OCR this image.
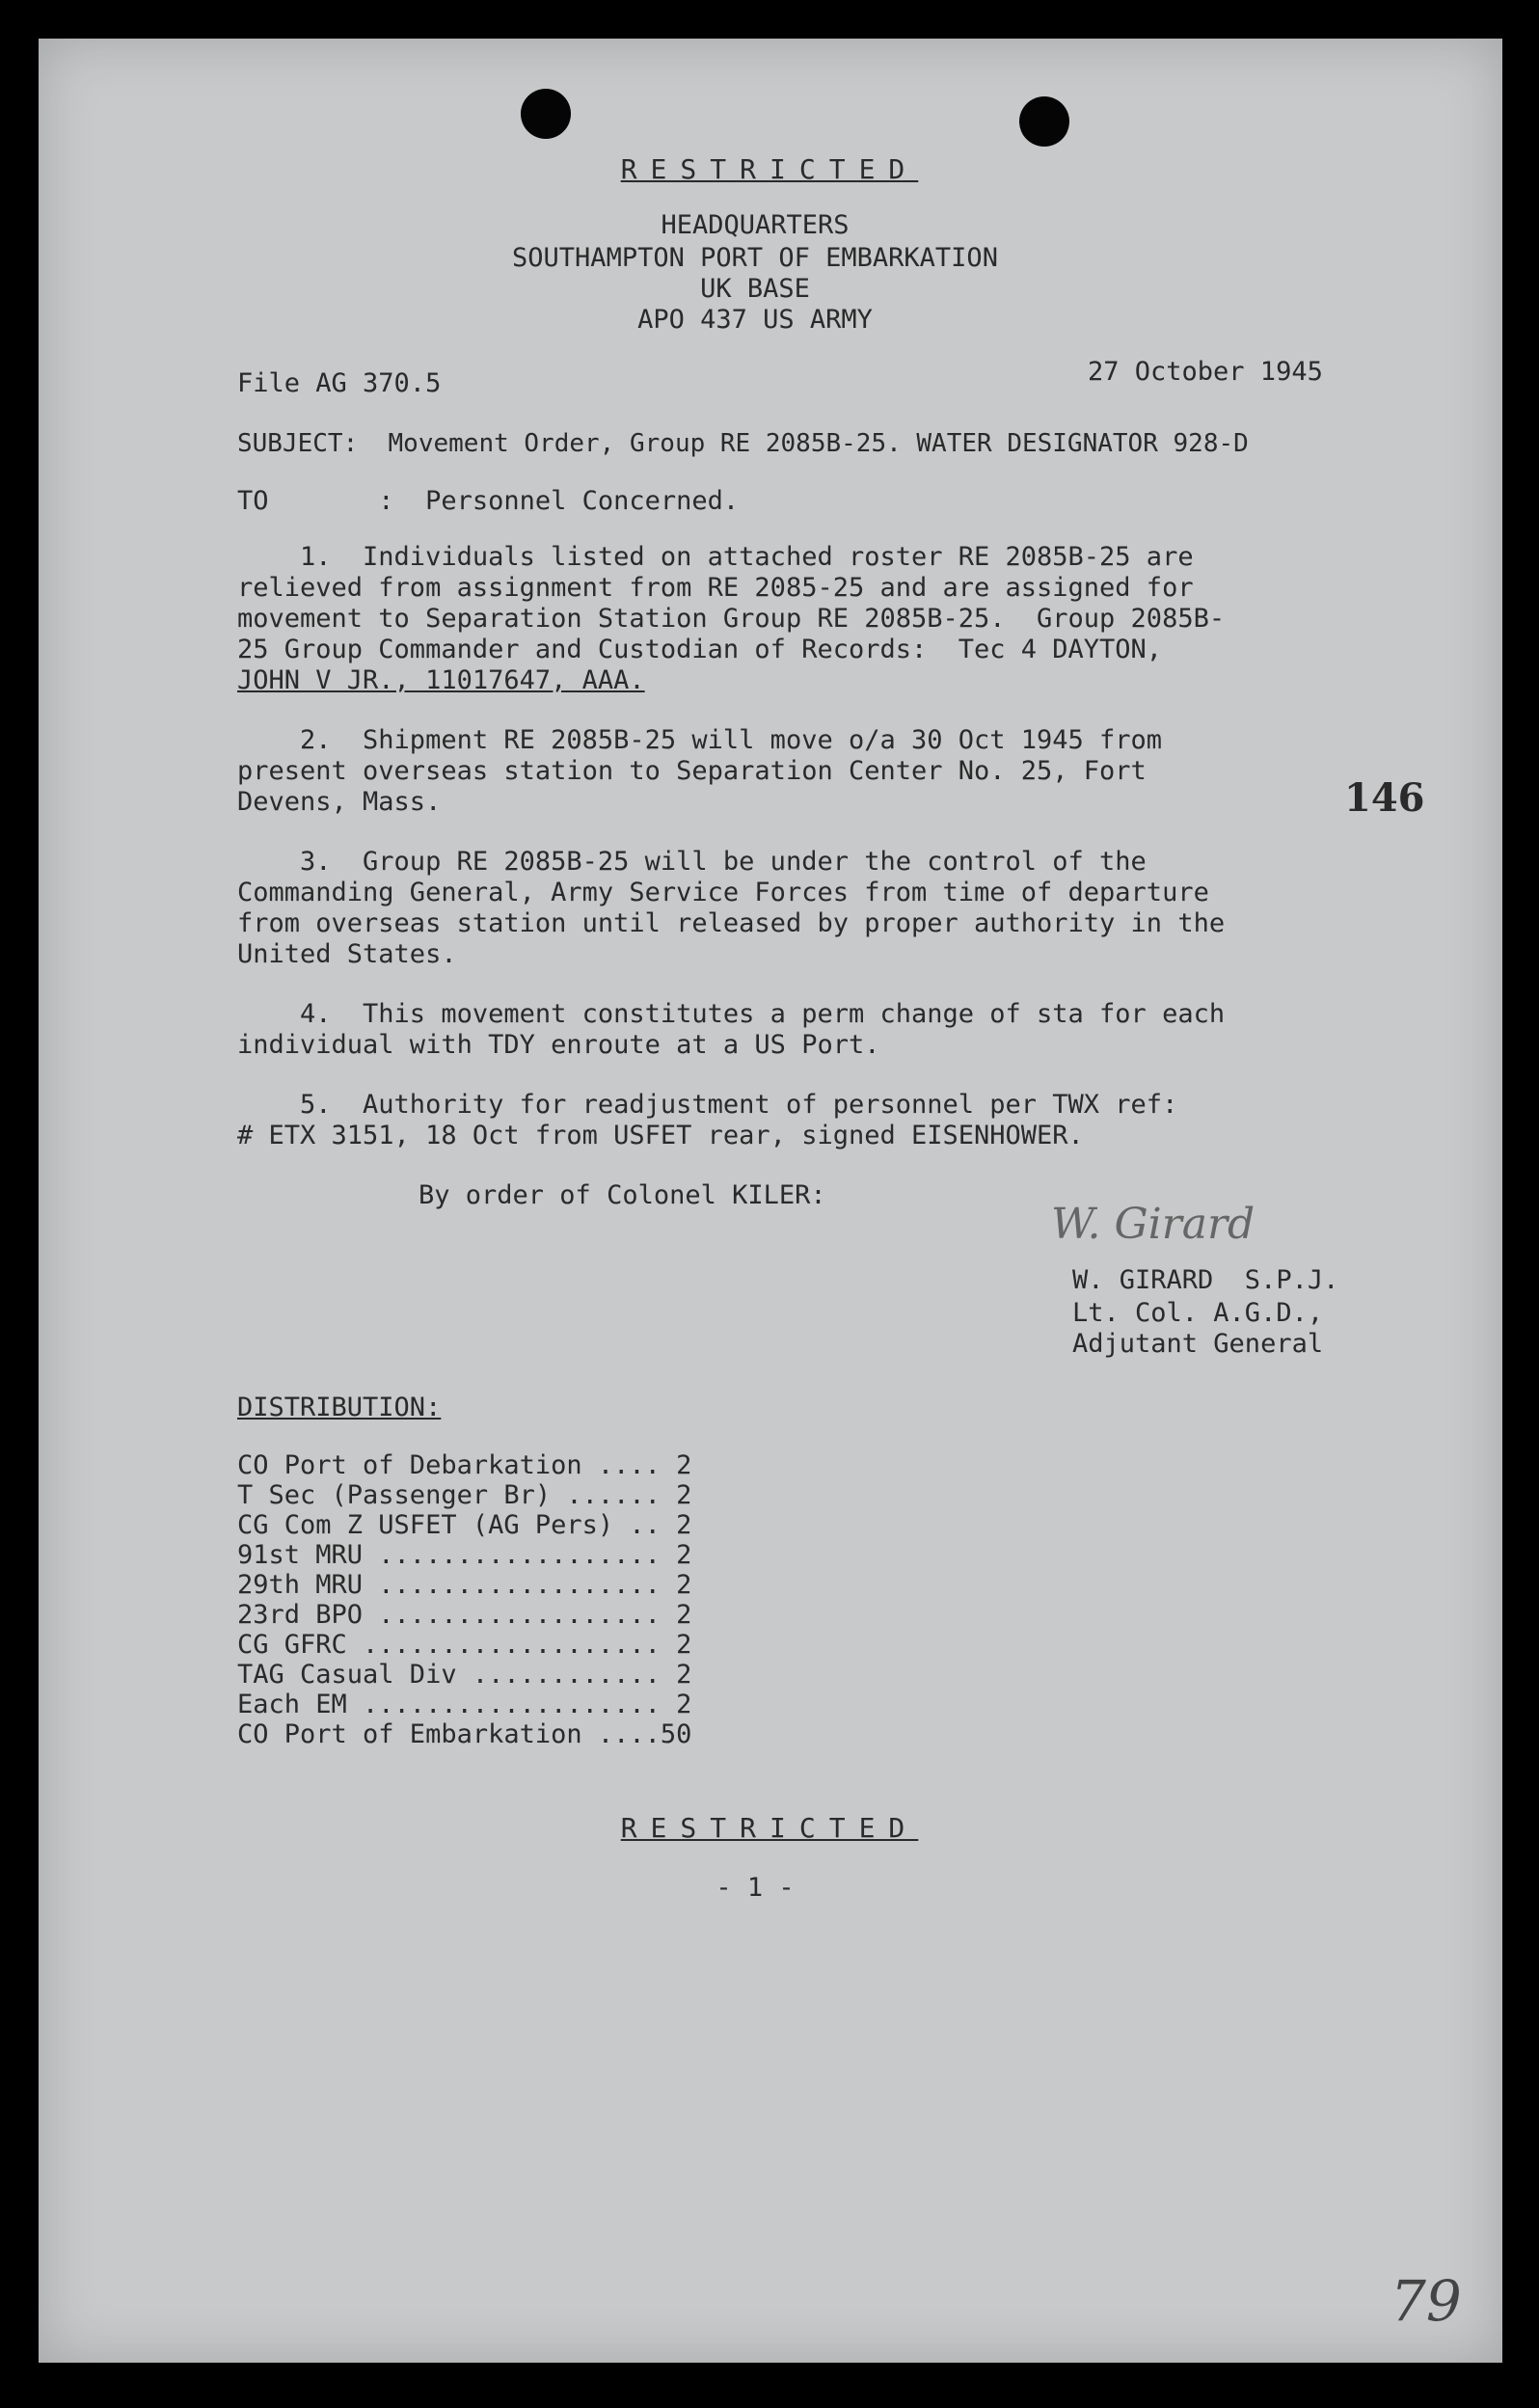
RESTRICTED
HEADQUARTERS
SOUTHAMPTON PORT OF EMBARKATION
UK BASE
APO 437 US ARMY
File AG 370.5	27 October 1945
SUBJECT:  Movement Order, Group RE 2085B-25. WATER DESIGNATOR 928-D
TO       :  Personnel Concerned.
1.  Individuals listed on attached roster RE 2085B-25 are
relieved from assignment from RE 2085-25 and are assigned for
movement to Separation Station Group RE 2085B-25.  Group 2085B-
25 Group Commander and Custodian of Records:  Tec 4 DAYTON,
JOHN V JR., 11017647, AAA.
2.  Shipment RE 2085B-25 will move o/a 30 Oct 1945 from
present overseas station to Separation Center No. 25, Fort
Devens, Mass.	146
3.  Group RE 2085B-25 will be under the control of the
Commanding General, Army Service Forces from time of departure
from overseas station until released by proper authority in the
United States.
4.  This movement constitutes a perm change of sta for each
individual with TDY enroute at a US Port.
5.  Authority for readjustment of personnel per TWX ref:
# ETX 3151, 18 Oct from USFET rear, signed EISENHOWER.
By order of Colonel KILER:
W. Girard
W. GIRARD  S.P.J.
Lt. Col. A.G.D.,
Adjutant General
DISTRIBUTION:
CO Port of Debarkation .... 2
T Sec (Passenger Br) ...... 2
CG Com Z USFET (AG Pers) .. 2
91st MRU .................. 2
29th MRU .................. 2
23rd BPO .................. 2
CG GFRC ................... 2
TAG Casual Div ............ 2
Each EM ................... 2
CO Port of Embarkation ....50
RESTRICTED
- 1 -
79
